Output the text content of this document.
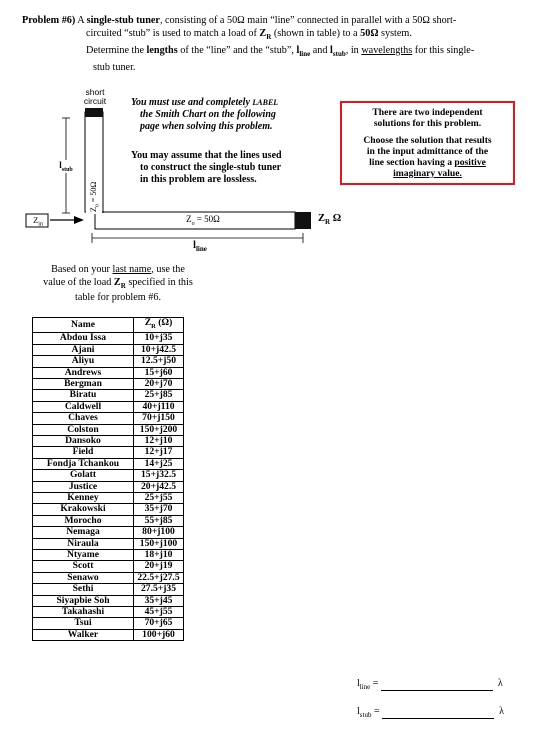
Problem #6) A single-stub tuner, consisting of a 50Ω main “line” connected in parallel with a 50Ω short-
circuited “stub” is used to match a load of $Z_R$ (shown in table) to a 50Ω system.
Determine the lengths of the “line” and the “stub”, $l_{line}$ and $l_{stub}$, in wavelengths for this single-
stub tuner.
short
circuit
$l_{stub}$
$Z_o = 50\Omega$
$Z_{in}$
$Z_o = 50\Omega$
$l_{line}$
$Z_R$ Ω
You must use and completely LABEL
the Smith Chart on the following
page when solving this problem.
You may assume that the lines used
to construct the single-stub tuner
in this problem are lossless.

There are two independent

solutions for this problem.

Choose the solution that results

in the input admittance of the

line section having a positive

imaginary value.

Based on your last name, use the
value of the load $Z_R$ specified in this
table for problem #6.
Name	$Z_R$ (Ω)
Abdou Issa	10+j35
Ajani	10+j42.5
Aliyu	12.5+j50
Andrews	15+j60
Bergman	20+j70
Biratu	25+j85
Caldwell	40+j110
Chaves	70+j150
Colston	150+j200
Dansoko	12+j10
Field	12+j17
Fondja Tchankou	14+j25
Golatt	15+j32.5
Justice	20+j42.5
Kenney	25+j55
Krakowski	35+j70
Morocho	55+j85
Nemaga	80+j100
Niraula	150+j100
Ntyame	18+j10
Scott	20+j19
Senawo	22.5+j27.5
Sethi	27.5+j35
Siyapbie Soh	35+j45
Takahashi	45+j55
Tsui	70+j65
Walker	100+j60
$l_{line}$ =	λ
$l_{stub}$ =	λ
